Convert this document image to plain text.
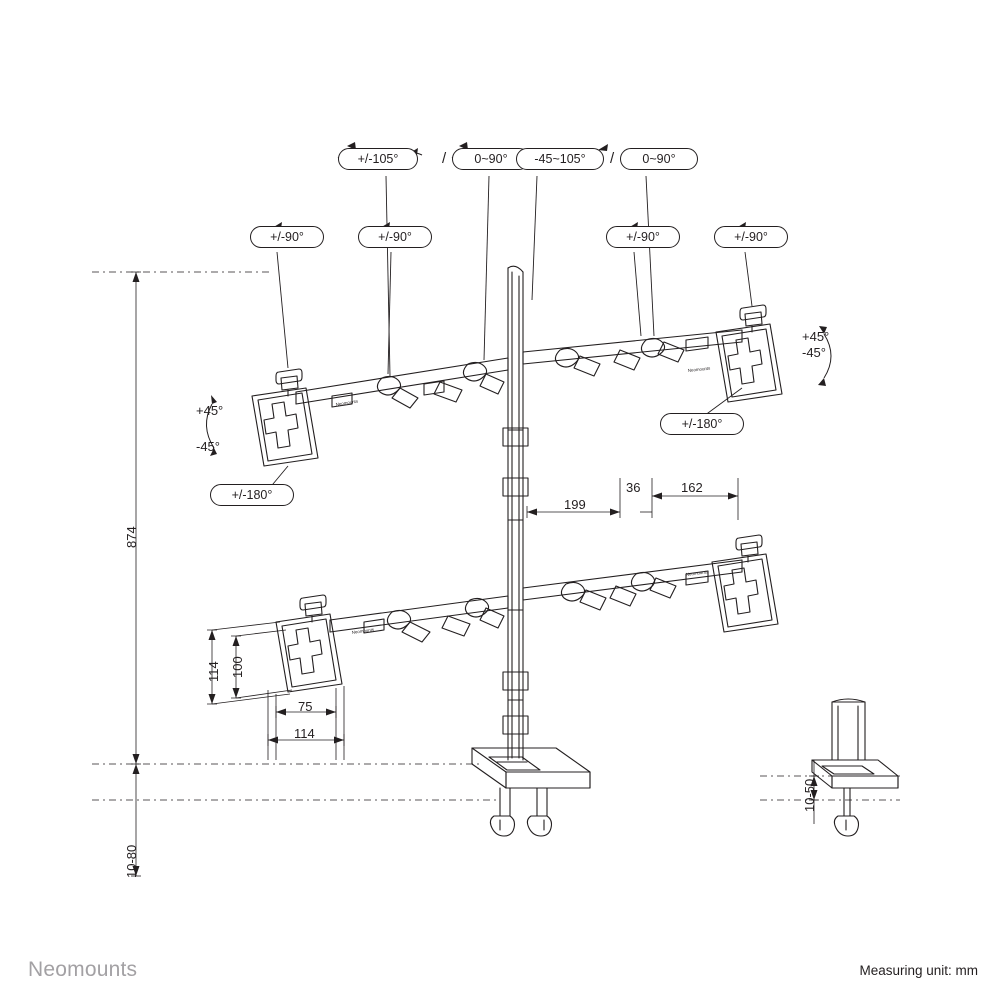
Neomounts
Neomounts
Neomounts
Neomounts
+/-105°	/ 0~90° -45~105° / 0~90°
+/-90°	+/-90°	+/-90°	+/-90°
+/-180°
+/-180°
+45°
-45°
+45°
-45°
874
10-80
10-50
199
36	162
114 100
75
114
Neomounts	Measuring unit: mm
